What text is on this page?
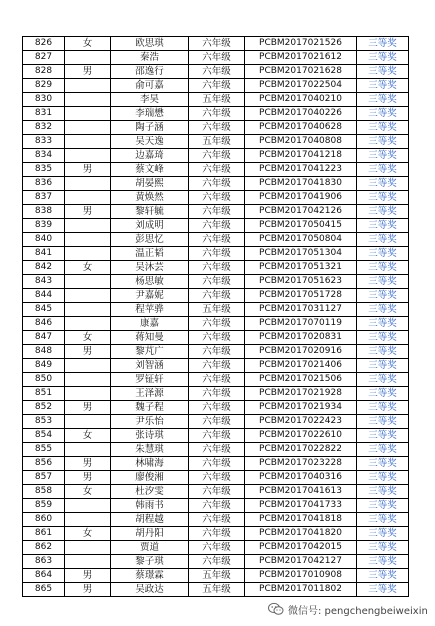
826	女	欧思琪	六年级	PCBM2017021526	三等奖
827		秦浩	六年级	PCBM2017021612	三等奖
828	男	邵逸行	六年级	PCBM2017021628	三等奖
829		俞可嘉	六年级	PCBM2017022504	三等奖
830		李昊	五年级	PCBM2017040210	三等奖
831		李瑞懋	六年级	PCBM2017040226	三等奖
832		陶子涵	六年级	PCBM2017040628	三等奖
833		吴天逸	五年级	PCBM2017040808	三等奖
834		边嘉琦	六年级	PCBM2017041218	三等奖
835	男	蔡文峰	六年级	PCBM2017041223	三等奖
836		胡晏熙	六年级	PCBM2017041830	三等奖
837		黄焕然	六年级	PCBM2017041906	三等奖
838	男	黎轩毓	六年级	PCBM2017042126	三等奖
839		刘成明	六年级	PCBM2017050415	三等奖
840		彭思忆	六年级	PCBM2017050804	三等奖
841		温正韬	六年级	PCBM2017051304	三等奖
842	女	吴沐芸	六年级	PCBM2017051321	三等奖
843		杨思敏	六年级	PCBM2017051623	三等奖
844		尹嘉妮	六年级	PCBM2017051728	三等奖
845		程苹骅	五年级	PCBM2017031127	三等奖
846		康嘉	六年级	PCBM2017070119	三等奖
847	女	蒋知曼	六年级	PCBM2017020831	三等奖
848	男	黎芃广	六年级	PCBM2017020916	三等奖
849		刘智涵	六年级	PCBM2017021406	三等奖
850		罗钲轩	六年级	PCBM2017021506	三等奖
851		王泽源	六年级	PCBM2017021928	三等奖
852	男	魏子程	六年级	PCBM2017021934	三等奖
853		尹乐怡	六年级	PCBM2017022423	三等奖
854	女	张诗琪	六年级	PCBM2017022610	三等奖
855		朱慧琪	六年级	PCBM2017022822	三等奖
856	男	林啸海	六年级	PCBM2017023228	三等奖
857	男	廖俊湘	六年级	PCBM2017040316	三等奖
858	女	杜汐雯	六年级	PCBM2017041613	三等奖
859		韩雨书	六年级	PCBM2017041733	三等奖
860		胡程越	六年级	PCBM2017041818	三等奖
861	女	胡丹阳	六年级	PCBM2017041820	三等奖
862		贾道	六年级	PCBM2017042015	三等奖
863		黎子琪	六年级	PCBM2017042127	三等奖
864	男	蔡璟霖	五年级	PCBM2017010908	三等奖
865	男	吴政达	五年级	PCBM2017011802	三等奖
微信号: pengchengbeiweixin
